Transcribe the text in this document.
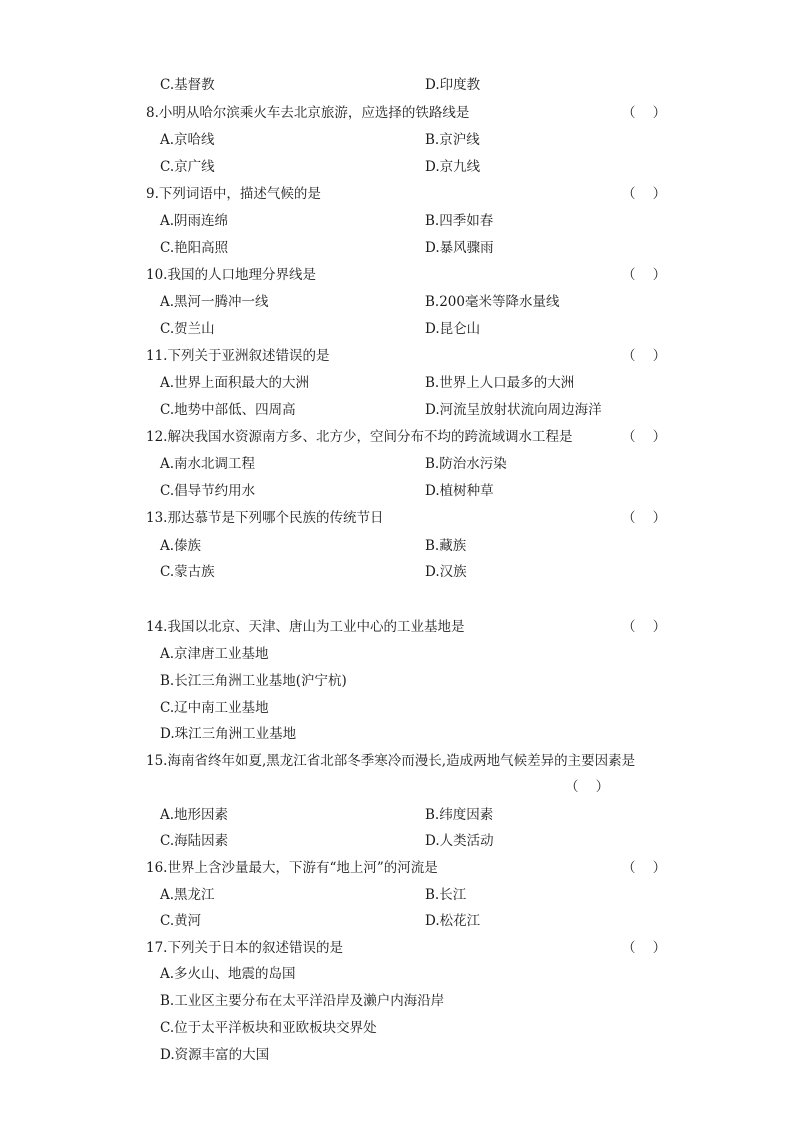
C.基督教	D.印度教
8.小明从哈尔滨乘火车去北京旅游，应选择的铁路线是	（    ）
A.京哈线	B.京沪线
C.京广线	D.京九线
9.下列词语中，描述气候的是	（    ）
A.阴雨连绵	B.四季如春
C.艳阳高照	D.暴风骤雨
10.我国的人口地理分界线是	（    ）
A.黑河一腾冲一线	B.200毫米等降水量线
C.贺兰山	D.昆仑山
11.下列关于亚洲叙述错误的是	（    ）
A.世界上面积最大的大洲	B.世界上人口最多的大洲
C.地势中部低、四周高	D.河流呈放射状流向周边海洋
12.解决我国水资源南方多、北方少，空间分布不均的跨流域调水工程是	（    ）
A.南水北调工程	B.防治水污染
C.倡导节约用水	D.植树种草
13.那达慕节是下列哪个民族的传统节日	（    ）
A.傣族	B.藏族
C.蒙古族	D.汉族
14.我国以北京、天津、唐山为工业中心的工业基地是	（    ）
A.京津唐工业基地
B.长江三角洲工业基地(沪宁杭)
C.辽中南工业基地
D.珠江三角洲工业基地
15.海南省终年如夏,黑龙江省北部冬季寒冷而漫长,造成两地气候差异的主要因素是
（    ）
A.地形因素	B.纬度因素
C.海陆因素	D.人类活动
16.世界上含沙量最大，下游有“地上河”的河流是	（    ）
A.黑龙江	B.长江
C.黄河	D.松花江
17.下列关于日本的叙述错误的是	（    ）
A.多火山、地震的岛国
B.工业区主要分布在太平洋沿岸及濑户内海沿岸
C.位于太平洋板块和亚欧板块交界处
D.资源丰富的大国
